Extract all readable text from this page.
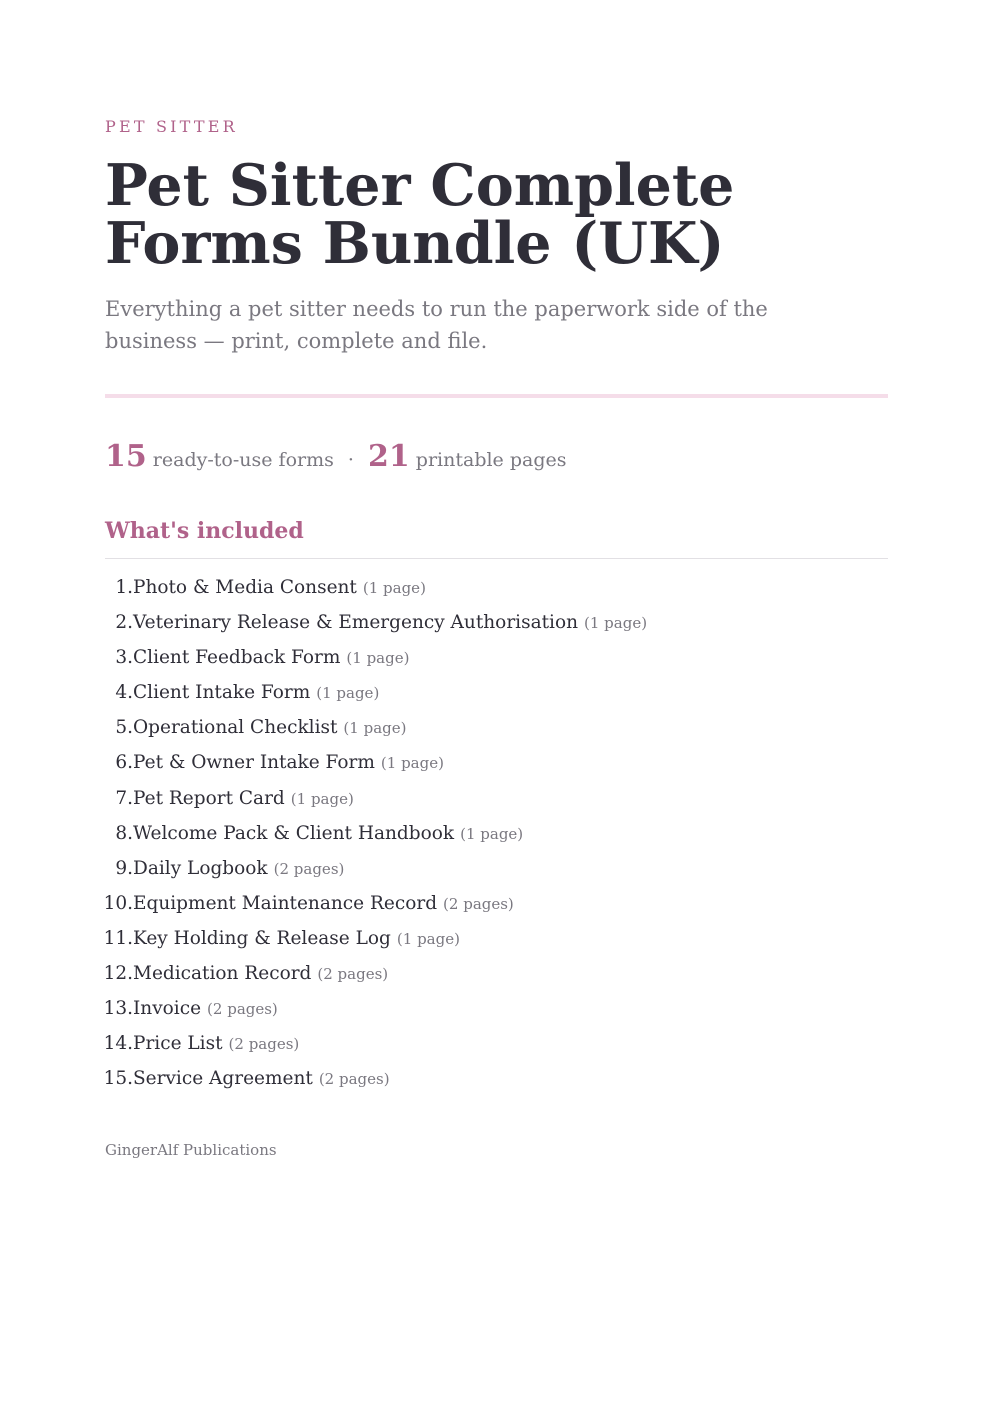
PET SITTER
Pet Sitter Complete
Forms Bundle (UK)
Everything a pet sitter needs to run the paperwork side of the
business — print, complete and file.
15 ready-to-use forms · 21 printable pages
What's included
1. Photo & Media Consent (1 page)
2. Veterinary Release & Emergency Authorisation (1 page)
3. Client Feedback Form (1 page)
4. Client Intake Form (1 page)
5. Operational Checklist (1 page)
6. Pet & Owner Intake Form (1 page)
7. Pet Report Card (1 page)
8. Welcome Pack & Client Handbook (1 page)
9. Daily Logbook (2 pages)
10. Equipment Maintenance Record (2 pages)
11. Key Holding & Release Log (1 page)
12. Medication Record (2 pages)
13. Invoice (2 pages)
14. Price List (2 pages)
15. Service Agreement (2 pages)
GingerAlf Publications
